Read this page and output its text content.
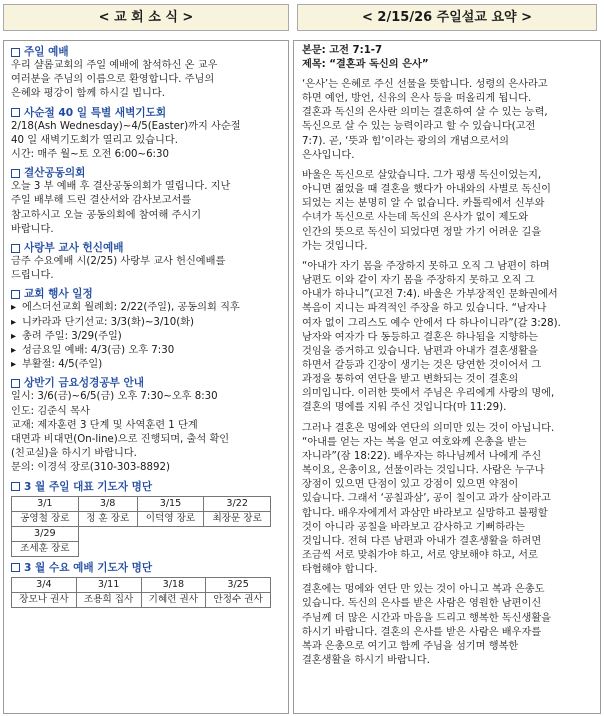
< 교 회 소 식 >	< 2/15/26 주일설교 요약 >
주일 예배
우리 샬롬교회의 주일 예배에 참석하신 온 교우
여러분을 주님의 이름으로 환영합니다. 주님의
은혜와 평강이 함께 하시길 빕니다.
사순절 40 일 특별 새벽기도회
2/18(Ash Wednesday)~4/5(Easter)까지 사순절
40 일 새벽기도회가 열리고 있습니다.
시간: 매주 월~토 오전 6:00~6:30
결산공동의회
오늘 3 부 예배 후 결산공동의회가 열립니다. 지난
주일 배부해 드린 결산서와 감사보고서를
참고하시고 오늘 공동의회에 참여해 주시기
바랍니다.
사랑부 교사 헌신예배
금주 수요예배 시(2/25) 사랑부 교사 헌신예배를
드립니다.
교회 행사 일정
▸ 에스더선교회 월례회: 2/22(주일), 공동의회 직후
▸ 니카라과 단기선교: 3/3(화)~3/10(화)
▸ 총려 주일: 3/29(주일)
▸ 성금요일 예배: 4/3(금) 오후 7:30
▸ 부활절: 4/5(주일)
상반기 금요성경공부 안내
일시: 3/6(금)~6/5(금) 오후 7:30~오후 8:30
인도: 김준식 목사
교재: 제자훈련 3 단계 및 사역훈련 1 단계
대면과 비대면(On-line)으로 진행되며, 출석 확인
(친교실)을 하시기 바랍니다.
문의: 이경석 장로(310-303-8892)
3 월 주일 대표 기도자 명단
3/1	3/8	3/15	3/22
공영철 장로	정 훈 장로	이덕영 장로	최장문 장로
3/29			
조세훈 장로			
3 월 수요 예배 기도자 명단
3/4	3/11	3/18	3/25
장모나 권사	조용희 집사	기혜련 권사	안정수 권사
본문: 고전 7:1-7
제목: “결혼과 독신의 은사”
‘은사’는 은혜로 주신 선물을 뜻합니다. 성령의 은사라고
하면 예언, 방언, 신유의 은사 등을 떠올리게 됩니다.
결혼과 독신의 은사란 의미는 결혼하여 살 수 있는 능력,
독신으로 살 수 있는 능력이라고 할 수 있습니다(고전
7:7). 곧, ‘뜻과 힘’이라는 광의의 개념으로서의
은사입니다.
바울은 독신으로 살았습니다. 그가 평생 독신이었는지,
아니면 젊었을 때 결혼을 했다가 아내와의 사별로 독신이
되었는 지는 분명히 알 수 없습니다. 카톨릭에서 신부와
수녀가 독신으로 사는데 독신의 은사가 없이 제도와
인간의 뜻으로 독신이 되었다면 정말 가기 어려운 길을
가는 것입니다.
“아내가 자기 몸을 주장하지 못하고 오직 그 남편이 하며
남편도 이와 같이 자기 몸을 주장하지 못하고 오직 그
아내가 하나니”(고전 7:4). 바울은 가부장적인 문화권에서
복음이 지니는 파격적인 주장을 하고 있습니다. “남자나
여자 없이 그리스도 예수 안에서 다 하나이니라”(갈 3:28).
남자와 여자가 다 동등하고 결혼은 하나됨을 지향하는
것임을 증거하고 있습니다. 남편과 아내가 결혼생활을
하면서 갈등과 긴장이 생기는 것은 당연한 것이어서 그
과정을 통하여 연단을 받고 변화되는 것이 결혼의
의미입니다. 이러한 뜻에서 주님은 우리에게 사랑의 명에,
결혼의 명에를 지워 주신 것입니다(마 11:29).
그러나 결혼은 멍에와 연단의 의미만 있는 것이 아닙니다.
“아내를 얻는 자는 복을 얻고 여호와께 은총을 받는
자니라”(잠 18:22). 배우자는 하나님께서 나에게 주신
복이요, 은총이요, 선물이라는 것입니다. 사람은 누구나
장점이 있으면 단점이 있고 강점이 있으면 약점이
있습니다. 그래서 ‘공칠과삼’, 공이 칠이고 과가 삼이라고
합니다. 배우자에게서 과삼만 바라보고 실망하고 불평할
것이 아니라 공칠을 바라보고 감사하고 기뻐하라는
것입니다. 전혀 다른 남편과 아내가 결혼생활을 하려면
조금씩 서로 맞춰가야 하고, 서로 양보해야 하고, 서로
타협해야 합니다.
결혼에는 멍에와 연단 만 있는 것이 아니고 복과 은총도
있습니다. 독신의 은사를 받은 사람은 영원한 남편이신
주님께 더 많은 시간과 마음을 드리고 행복한 독신생활을
하시기 바랍니다. 결혼의 은사를 받은 사람은 배우자를
복과 은총으로 여기고 함께 주님을 섬기며 행복한
결혼생활을 하시기 바랍니다.
